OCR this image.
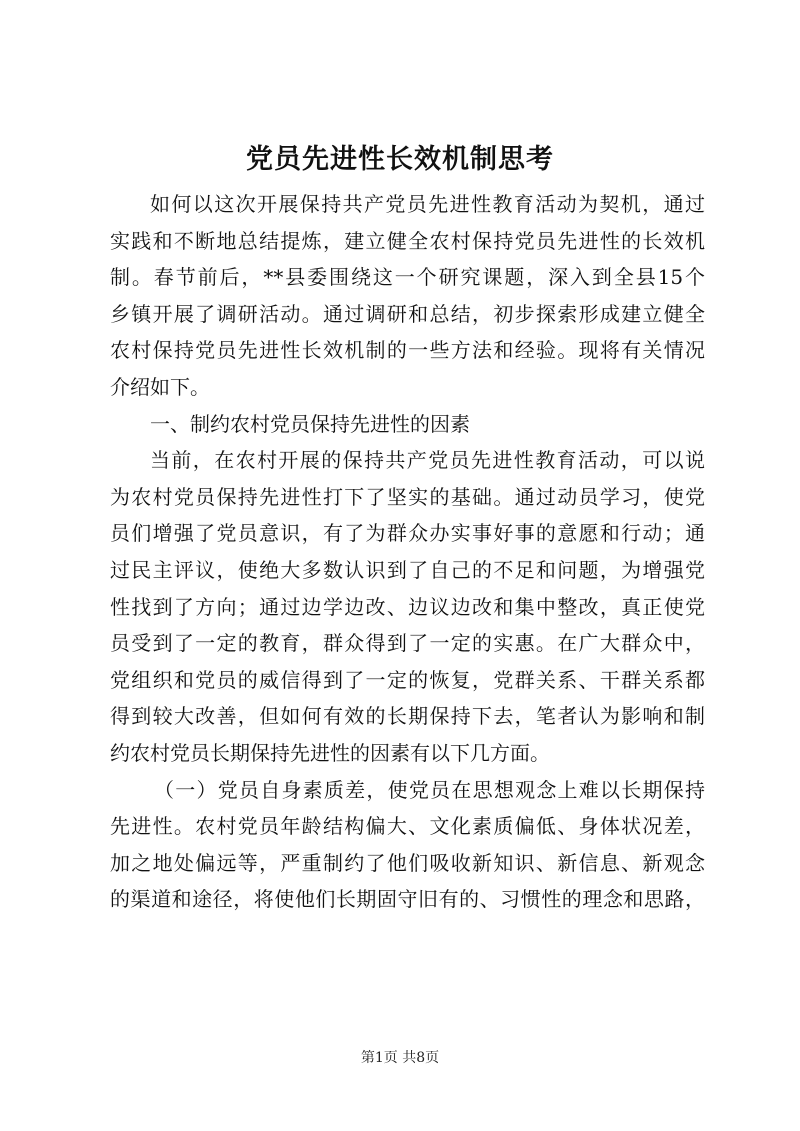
党员先进性长效机制思考
如何以这次开展保持共产党员先进性教育活动为契机，通过
实践和不断地总结提炼，建立健全农村保持党员先进性的长效机
制。春节前后，**县委围绕这一个研究课题，深入到全县15个
乡镇开展了调研活动。通过调研和总结，初步探索形成建立健全
农村保持党员先进性长效机制的一些方法和经验。现将有关情况
介绍如下。
一、制约农村党员保持先进性的因素
当前，在农村开展的保持共产党员先进性教育活动，可以说
为农村党员保持先进性打下了坚实的基础。通过动员学习，使党
员们增强了党员意识，有了为群众办实事好事的意愿和行动；通
过民主评议，使绝大多数认识到了自己的不足和问题，为增强党
性找到了方向；通过边学边改、边议边改和集中整改，真正使党
员受到了一定的教育，群众得到了一定的实惠。在广大群众中，
党组织和党员的威信得到了一定的恢复，党群关系、干群关系都
得到较大改善，但如何有效的长期保持下去，笔者认为影响和制
约农村党员长期保持先进性的因素有以下几方面。
（一）党员自身素质差，使党员在思想观念上难以长期保持
先进性。农村党员年龄结构偏大、文化素质偏低、身体状况差，
加之地处偏远等，严重制约了他们吸收新知识、新信息、新观念
的渠道和途径，将使他们长期固守旧有的、习惯性的理念和思路，
第1页 共8页
